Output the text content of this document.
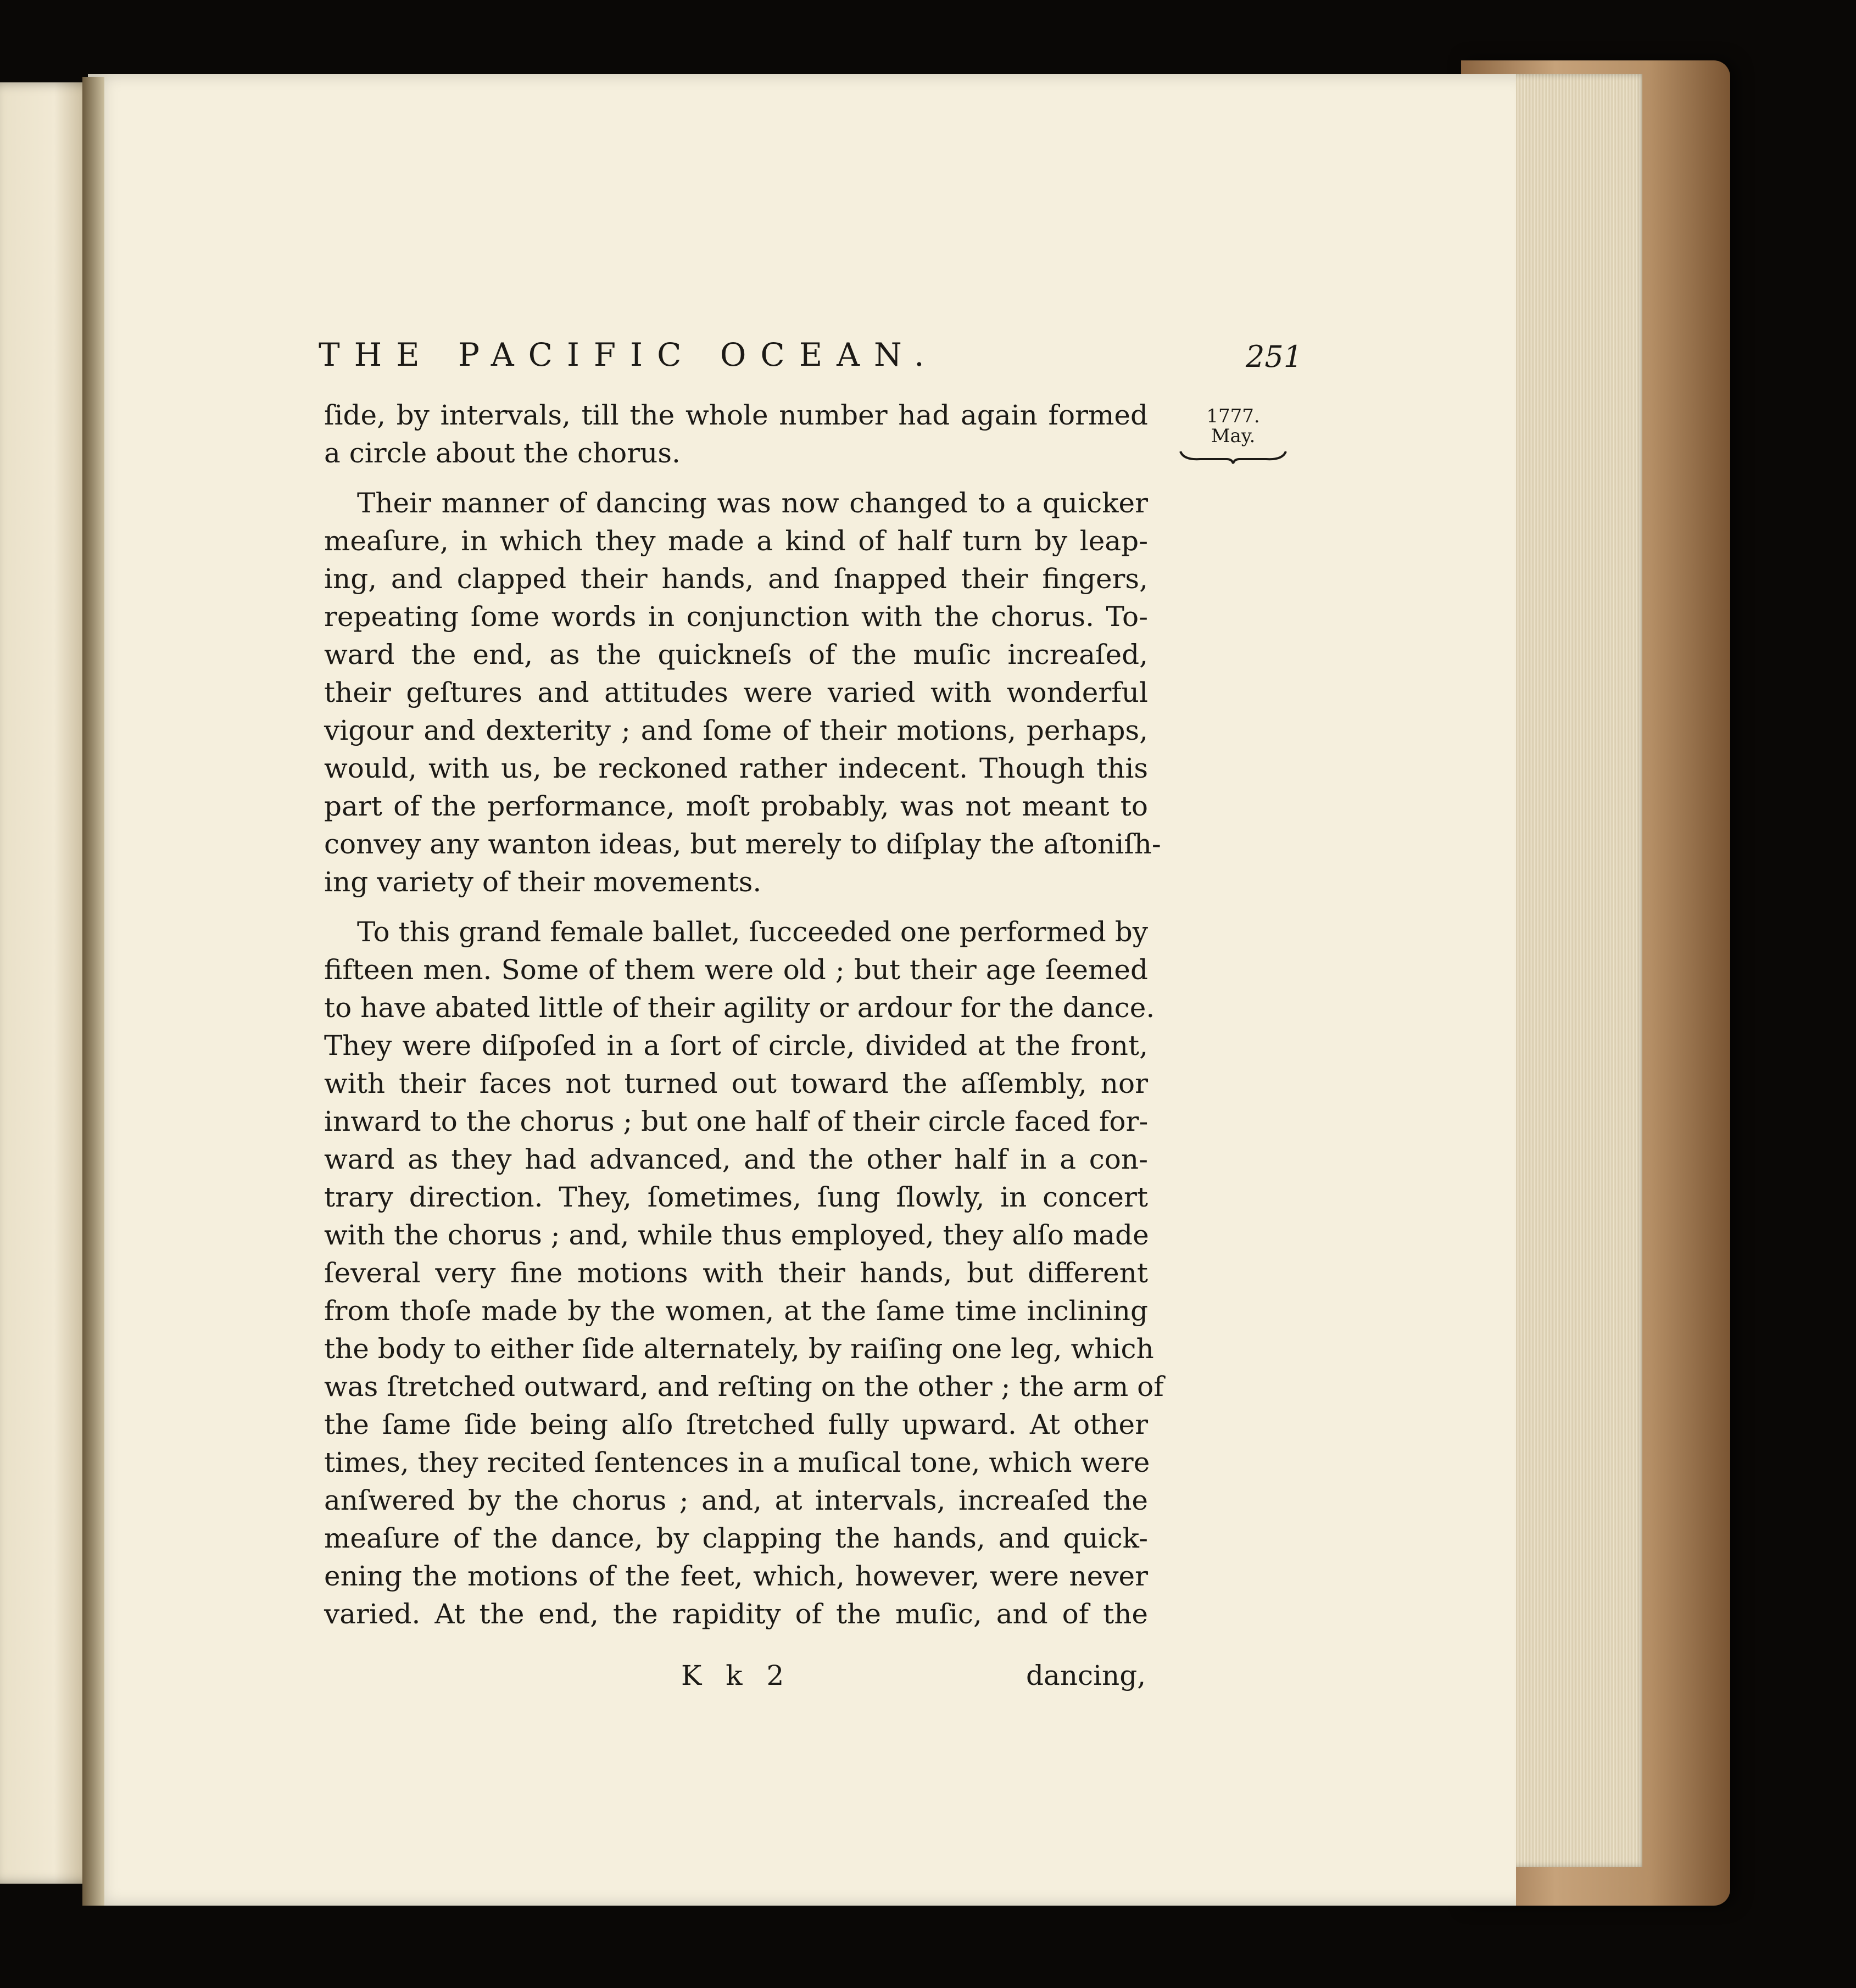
THE PACIFIC OCEAN.	251
1777.
May.
ſide, by intervals, till the whole number had again formed
a circle about the chorus.
Their manner of dancing was now changed to a quicker
meaſure, in which they made a kind of half turn by leap-
ing, and clapped their hands, and ſnapped their fingers,
repeating ſome words in conjunction with the chorus. To-
ward the end, as the quickneſs of the muſic increaſed,
their geſtures and attitudes were varied with wonderful
vigour and dexterity ; and ſome of their motions, perhaps,
would, with us, be reckoned rather indecent. Though this
part of the performance, moſt probably, was not meant to
convey any wanton ideas, but merely to diſplay the aſtoniſh-
ing variety of their movements.
To this grand female ballet, ſucceeded one performed by
fifteen men. Some of them were old ; but their age ſeemed
to have abated little of their agility or ardour for the dance.
They were diſpoſed in a ſort of circle, divided at the front,
with their faces not turned out toward the aſſembly, nor
inward to the chorus ; but one half of their circle faced for-
ward as they had advanced, and the other half in a con-
trary direction. They, ſometimes, ſung ſlowly, in concert
with the chorus ; and, while thus employed, they alſo made
ſeveral very fine motions with their hands, but different
from thoſe made by the women, at the ſame time inclining
the body to either ſide alternately, by raiſing one leg, which
was ſtretched outward, and reſting on the other ; the arm of
the ſame ſide being alſo ſtretched fully upward. At other
times, they recited ſentences in a muſical tone, which were
anſwered by the chorus ; and, at intervals, increaſed the
meaſure of the dance, by clapping the hands, and quick-
ening the motions of the feet, which, however, were never
varied. At the end, the rapidity of the muſic, and of the
K k 2	dancing,
